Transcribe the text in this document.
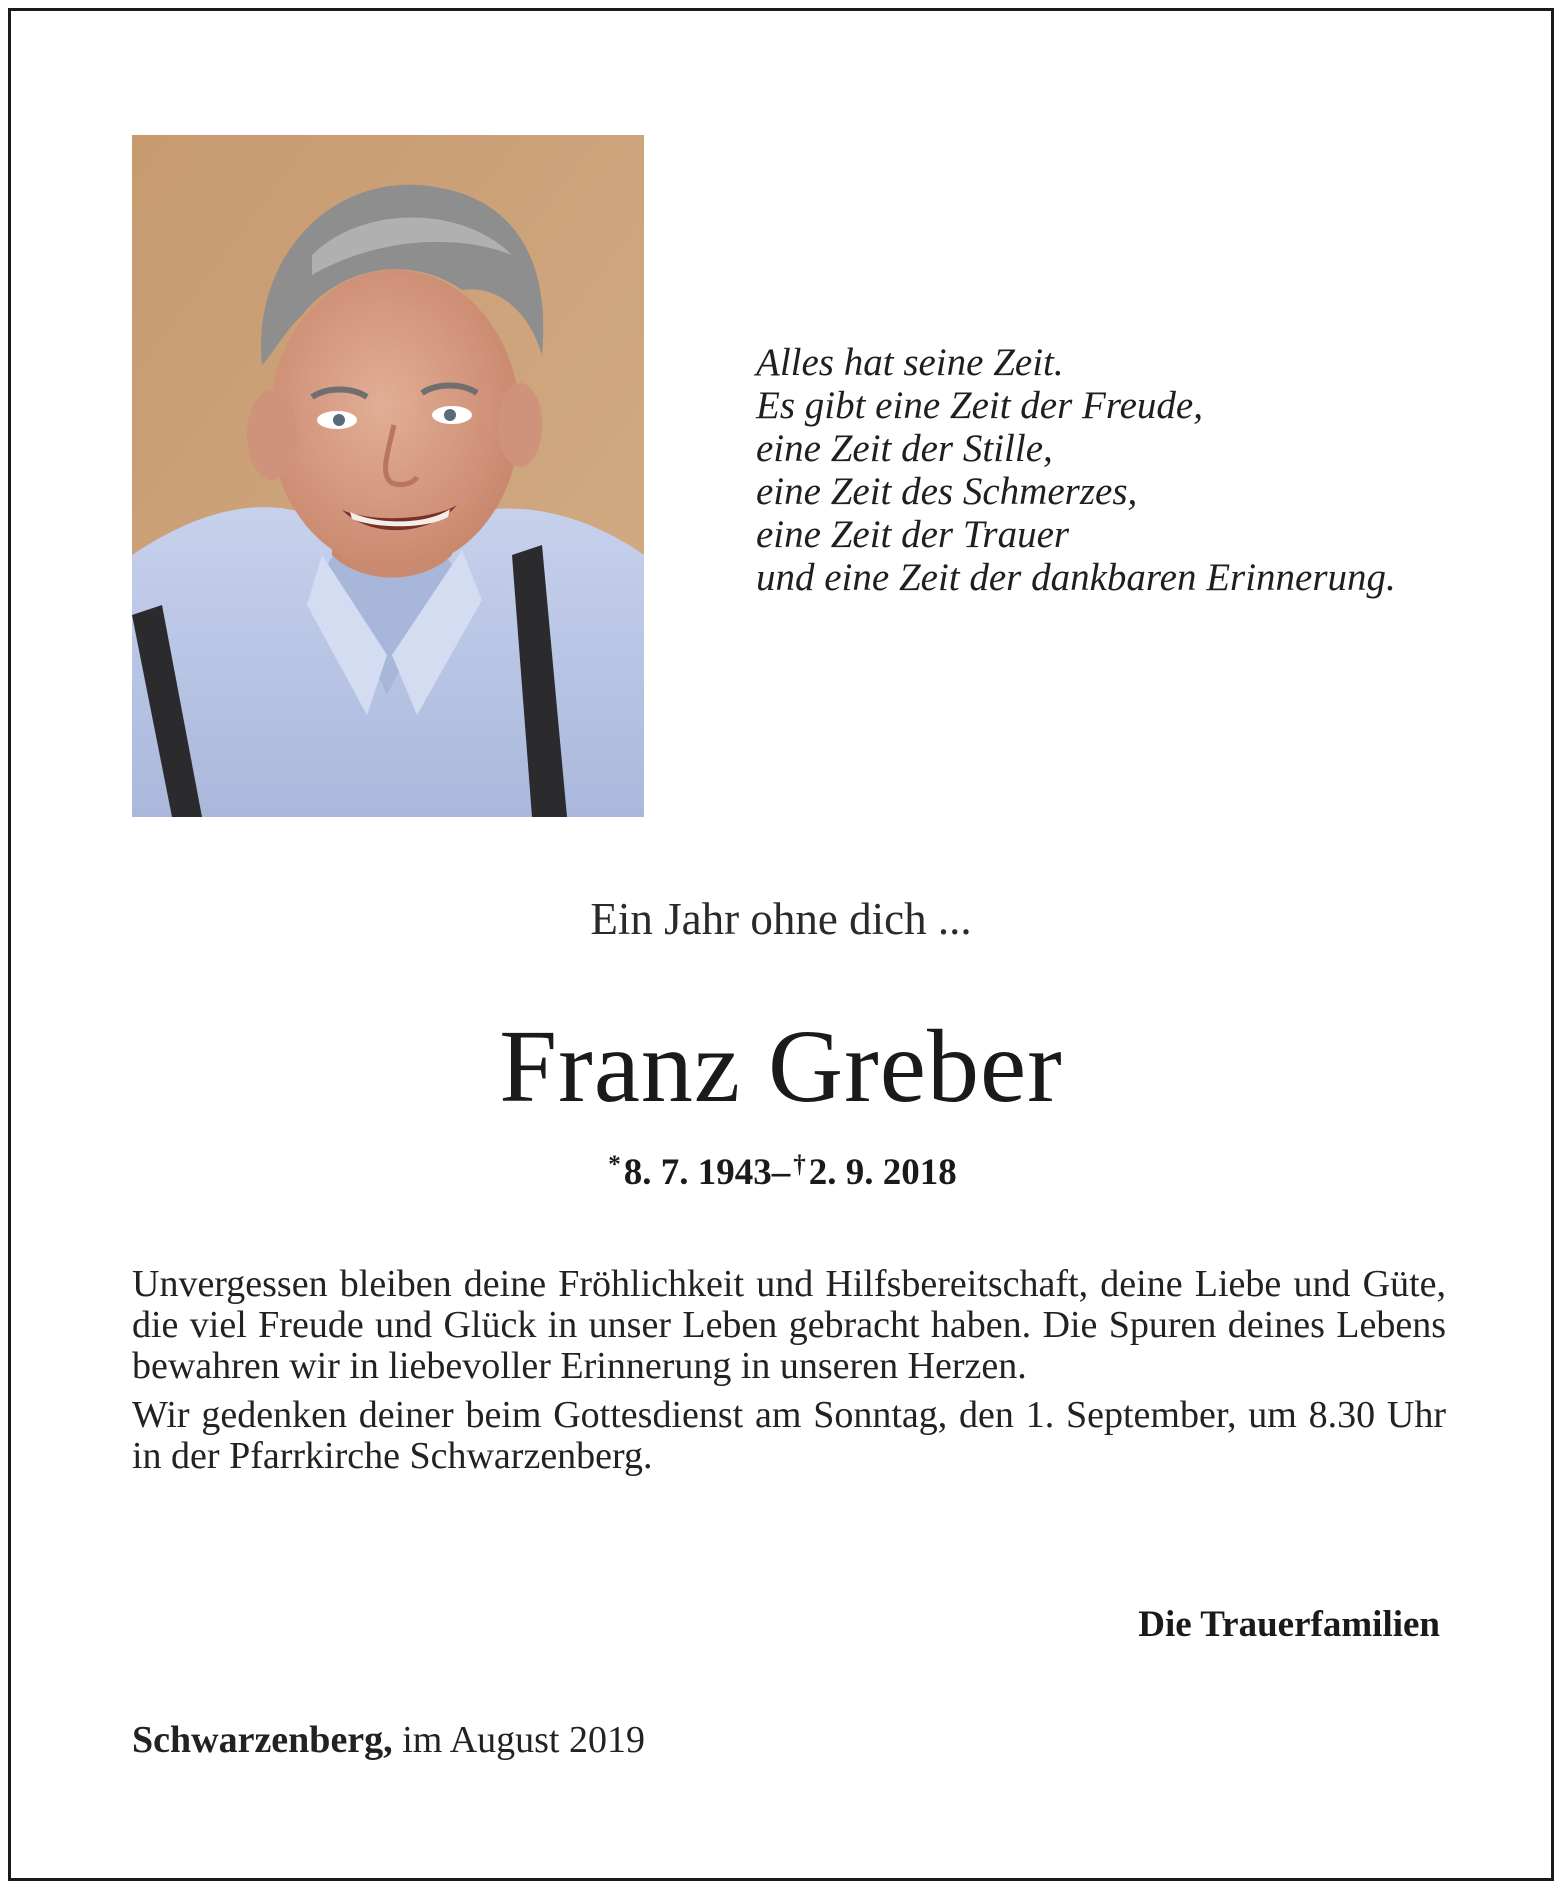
Alles hat seine Zeit.
Es gibt eine Zeit der Freude,
eine Zeit der Stille,
eine Zeit des Schmerzes,
eine Zeit der Trauer
und eine Zeit der dankbaren Erinnerung.
Ein Jahr ohne dich ...
Franz Greber
*8. 7. 1943– †2. 9. 2018

Unvergessen bleiben deine Fröhlichkeit und Hilfsbereitschaft, deine Liebe und Güte, die viel Freude und Glück in unser Leben gebracht haben. Die Spuren deines Lebens bewahren wir in liebevoller Erinnerung in unseren Herzen.

Wir gedenken deiner beim Gottesdienst am Sonntag, den 1. September, um 8.30 Uhr in der Pfarrkirche Schwarzenberg.

Die Trauerfamilien
Schwarzenberg, im August 2019
